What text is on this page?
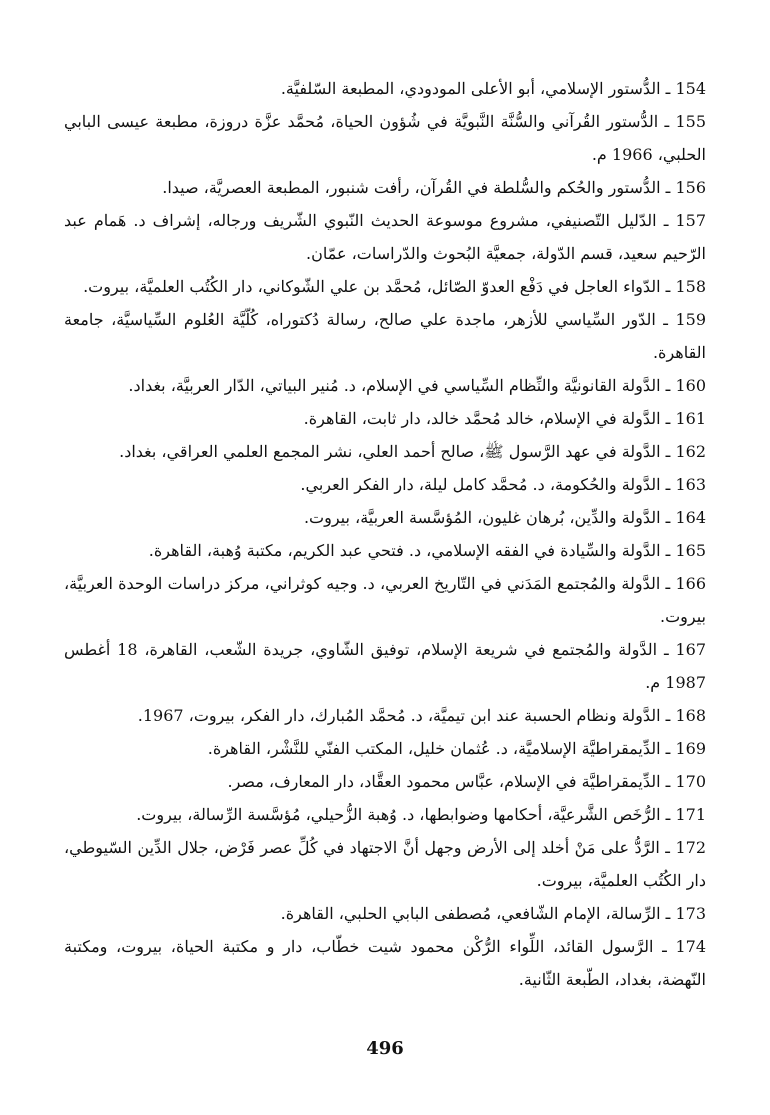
154 ـ الدُّستور الإسلامي، أبو الأعلى المودودي، المطبعة السّلفيَّة.
155 ـ الدُّستور القُرآني والسُّنَّة النَّبويَّة في شُؤون الحياة، مُحمَّد عزَّة دروزة، مطبعة عيسى البابي الحلبي، 1966 م.
156 ـ الدُّستور والحُكم والسُّلطة في القُرآن، رأفت شنبور، المطبعة العصريَّة، صيدا.
157 ـ الدّليل التّصنيفي، مشروع موسوعة الحديث النّبوي الشّريف ورجاله، إشراف د. هَمام عبد الرّحيم سعيد، قسم الدّولة، جمعيَّة البُحوث والدّراسات، عمّان.
158 ـ الدّواء العاجل في دَفْع العدوّ الصّائل، مُحمَّد بن علي الشّوكاني، دار الكُتُب العلميَّة، بيروت.
159 ـ الدّور السِّياسي للأزهر، ماجدة علي صالح، رسالة دُكتوراه، كُلّيَّة العُلوم السِّياسيَّة، جامعة القاهرة.
160 ـ الدَّولة القانونيَّة والنِّظام السِّياسي في الإسلام، د. مُنير البياتي، الدّار العربيَّة، بغداد.
161 ـ الدَّولة في الإسلام، خالد مُحمَّد خالد، دار ثابت، القاهرة.
162 ـ الدَّولة في عهد الرَّسول ﷺ، صالح أحمد العلي، نشر المجمع العلمي العراقي، بغداد.
163 ـ الدَّولة والحُكومة، د. مُحمَّد كامل ليلة، دار الفكر العربي.
164 ـ الدَّولة والدِّين، بُرهان غليون، المُؤسَّسة العربيَّة، بيروت.
165 ـ الدَّولة والسِّيادة في الفقه الإسلامي، د. فتحي عبد الكريم، مكتبة وُهبة، القاهرة.
166 ـ الدَّولة والمُجتمع المَدَني في التّاريخ العربي، د. وجيه كوثراني، مركز دراسات الوحدة العربيَّة، بيروت.
167 ـ الدَّولة والمُجتمع في شريعة الإسلام، توفيق الشّاوي، جريدة الشّعب، القاهرة، 18 أغطس 1987 م.
168 ـ الدَّولة ونظام الحسبة عند ابن تيميَّة، د. مُحمَّد المُبارك، دار الفكر، بيروت، 1967.
169 ـ الدِّيمقراطيَّة الإسلاميَّة، د. عُثمان خليل، المكتب الفنّي للنَّشْر، القاهرة.
170 ـ الدِّيمقراطيَّة في الإسلام، عبَّاس محمود العقَّاد، دار المعارف، مصر.
171 ـ الرُّخَص الشَّرعيَّة، أحكامها وضوابطها، د. وُهبة الزُّحيلي، مُؤسَّسة الرِّسالة، بيروت.
172 ـ الرَّدُّ على مَنْ أخلد إلى الأرض وجهل أنَّ الاجتهاد في كُلِّ عصر فَرْض، جلال الدِّين السّيوطي، دار الكُتُب العلميَّة، بيروت.
173 ـ الرِّسالة، الإمام الشّافعي، مُصطفى البابي الحلبي، القاهرة.
174 ـ الرَّسول القائد، اللِّواء الرُّكْن محمود شيت خطّاب، دار و مكتبة الحياة، بيروت، ومكتبة النّهضة، بغداد، الطّبعة الثّانية.
496
